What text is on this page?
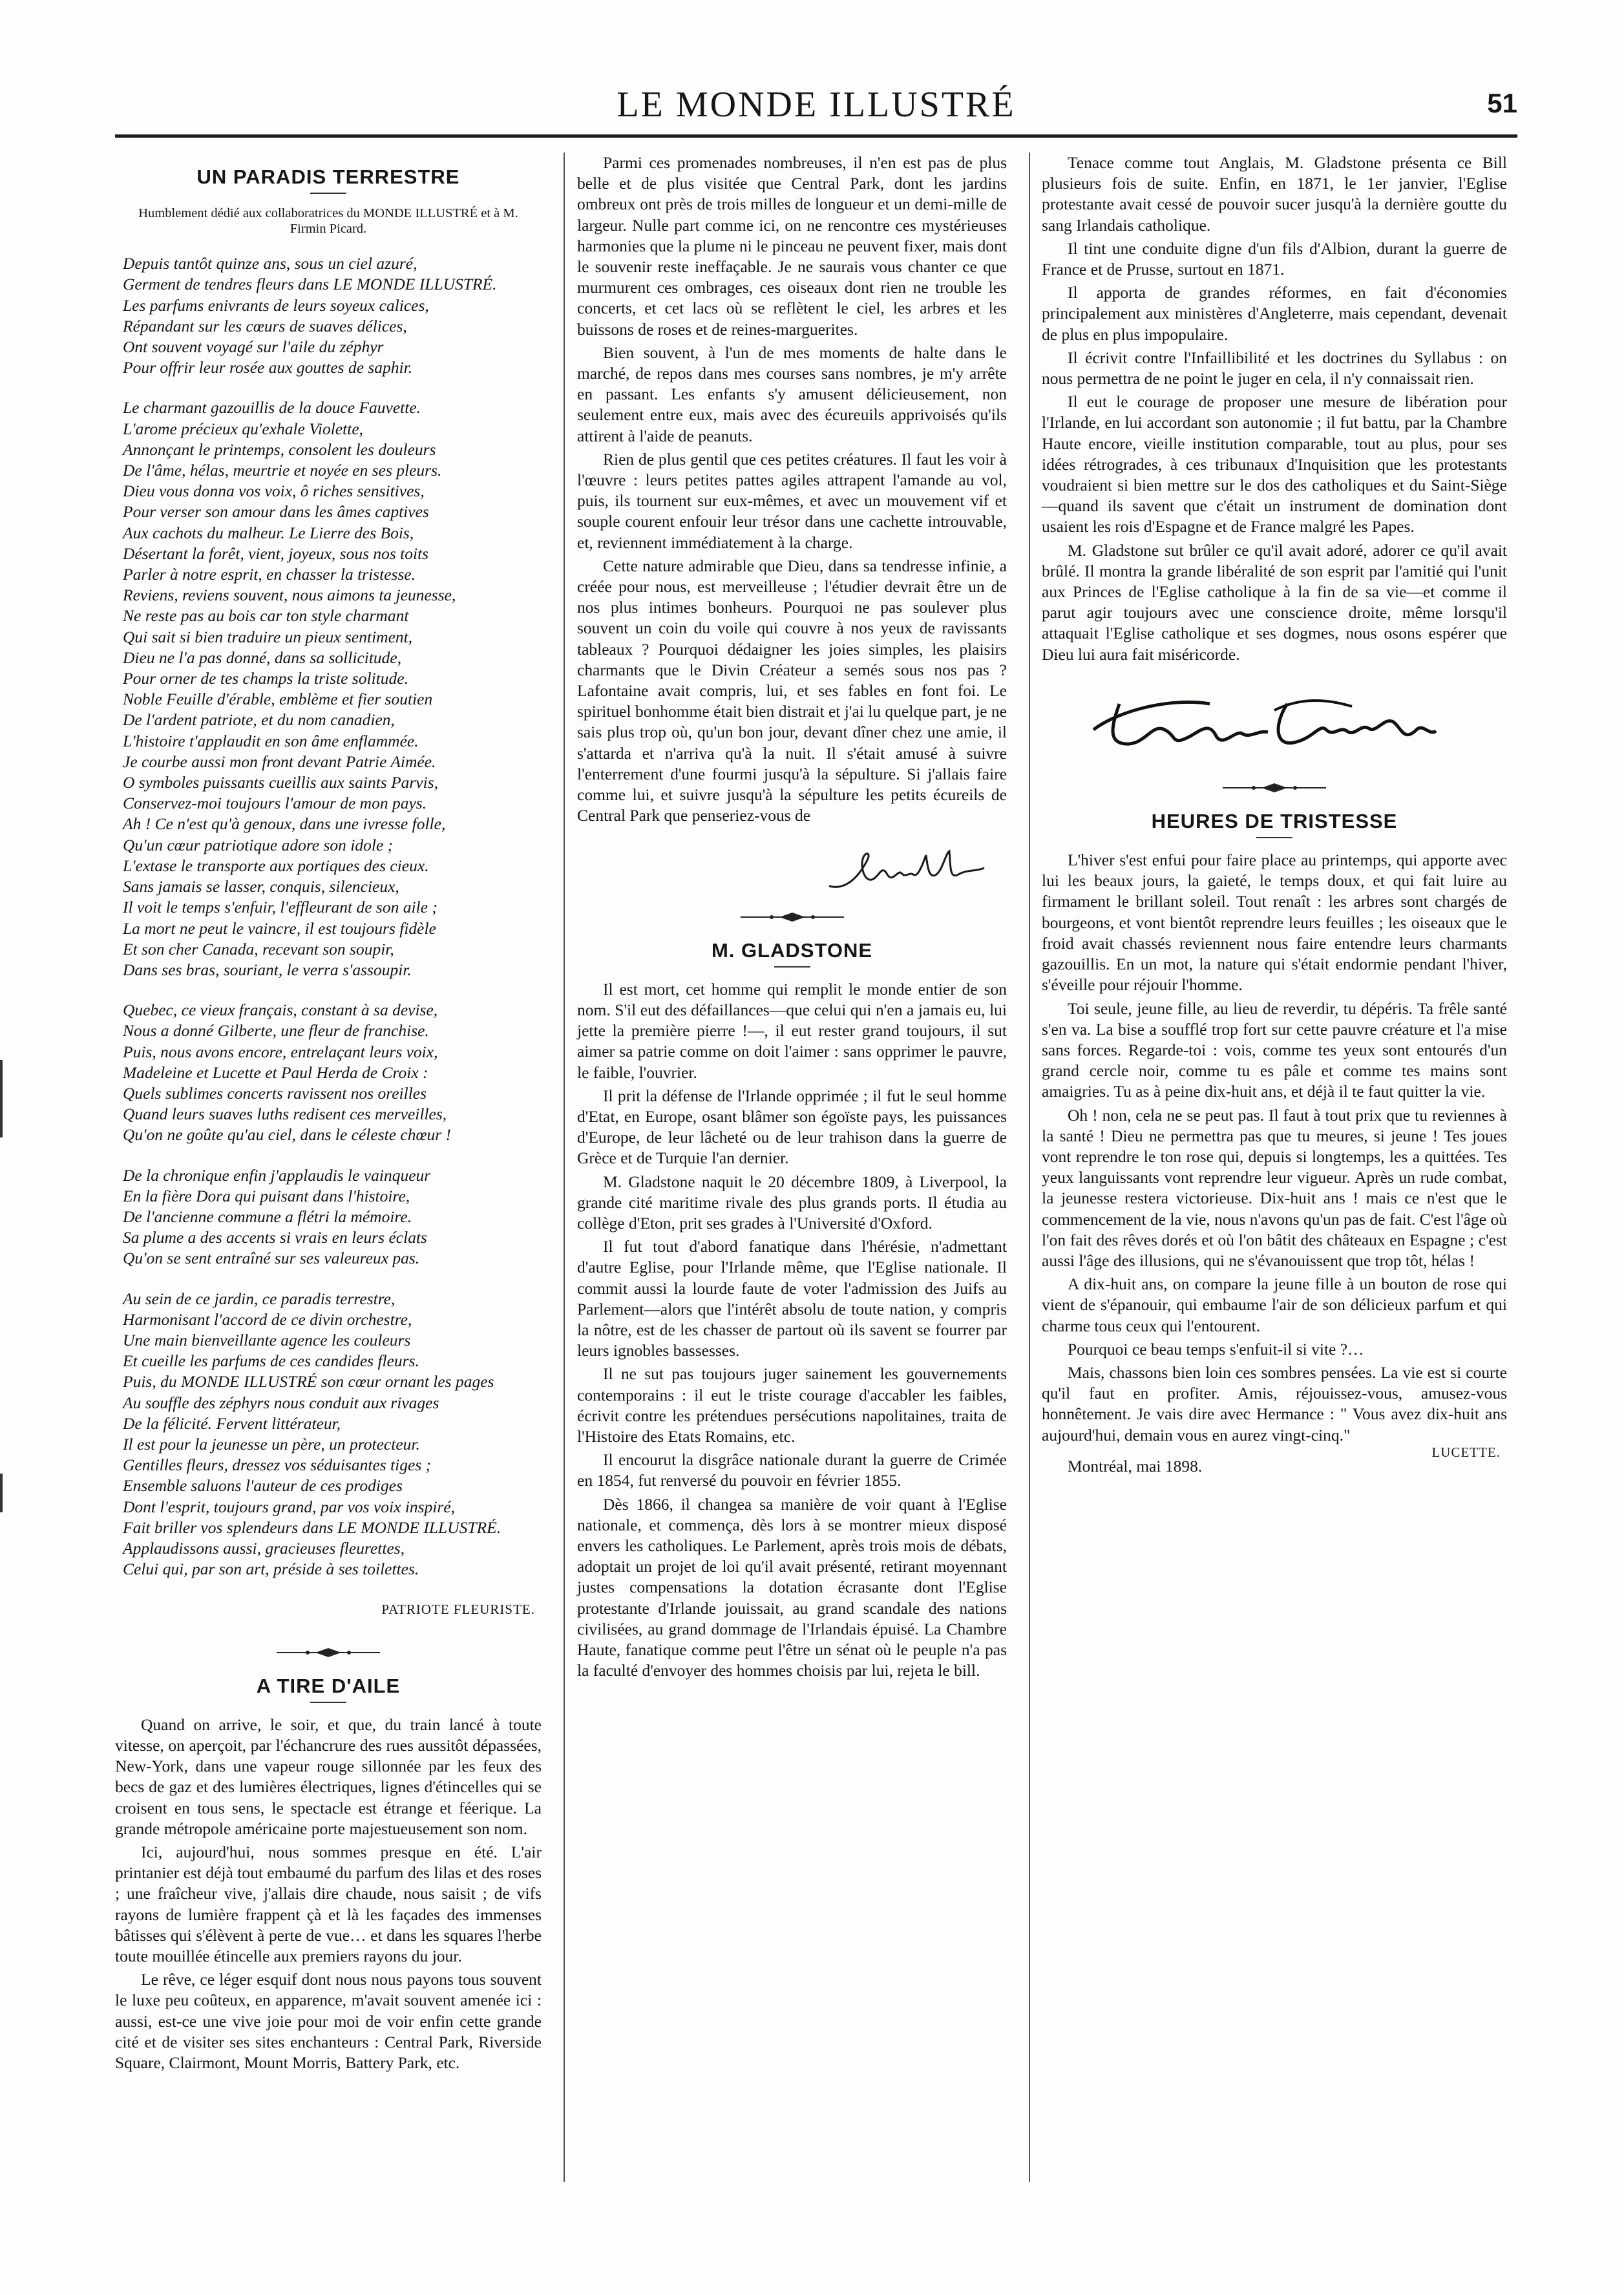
LE MONDE ILLUSTRÉ	51
UN PARADIS TERRESTRE
Humblement dédié aux collaboratrices du MONDE ILLUSTRÉ et à M. Firmin Picard.
Depuis tantôt quinze ans, sous un ciel azuré,
Germent de tendres fleurs dans LE MONDE ILLUSTRÉ.
Les parfums enivrants de leurs soyeux calices,
Répandant sur les cœurs de suaves délices,
Ont souvent voyagé sur l'aile du zéphyr
Pour offrir leur rosée aux gouttes de saphir.
Le charmant gazouillis de la douce Fauvette.
L'arome précieux qu'exhale Violette,
Annonçant le printemps, consolent les douleurs
De l'âme, hélas, meurtrie et noyée en ses pleurs.
Dieu vous donna vos voix, ô riches sensitives,
Pour verser son amour dans les âmes captives
Aux cachots du malheur. Le Lierre des Bois,
Désertant la forêt, vient, joyeux, sous nos toits
Parler à notre esprit, en chasser la tristesse.
Reviens, reviens souvent, nous aimons ta jeunesse,
Ne reste pas au bois car ton style charmant
Qui sait si bien traduire un pieux sentiment,
Dieu ne l'a pas donné, dans sa sollicitude,
Pour orner de tes champs la triste solitude.
Noble Feuille d'érable, emblème et fier soutien
De l'ardent patriote, et du nom canadien,
L'histoire t'applaudit en son âme enflammée.
Je courbe aussi mon front devant Patrie Aimée.
O symboles puissants cueillis aux saints Parvis,
Conservez-moi toujours l'amour de mon pays.
Ah ! Ce n'est qu'à genoux, dans une ivresse folle,
Qu'un cœur patriotique adore son idole ;
L'extase le transporte aux portiques des cieux.
Sans jamais se lasser, conquis, silencieux,
Il voit le temps s'enfuir, l'effleurant de son aile ;
La mort ne peut le vaincre, il est toujours fidèle
Et son cher Canada, recevant son soupir,
Dans ses bras, souriant, le verra s'assoupir.
Quebec, ce vieux français, constant à sa devise,
Nous a donné Gilberte, une fleur de franchise.
Puis, nous avons encore, entrelaçant leurs voix,
Madeleine et Lucette et Paul Herda de Croix :
Quels sublimes concerts ravissent nos oreilles
Quand leurs suaves luths redisent ces merveilles,
Qu'on ne goûte qu'au ciel, dans le céleste chœur !
De la chronique enfin j'applaudis le vainqueur
En la fière Dora qui puisant dans l'histoire,
De l'ancienne commune a flétri la mémoire.
Sa plume a des accents si vrais en leurs éclats
Qu'on se sent entraîné sur ses valeureux pas.
Au sein de ce jardin, ce paradis terrestre,
Harmonisant l'accord de ce divin orchestre,
Une main bienveillante agence les couleurs
Et cueille les parfums de ces candides fleurs.
Puis, du MONDE ILLUSTRÉ son cœur ornant les pages
Au souffle des zéphyrs nous conduit aux rivages
De la félicité. Fervent littérateur,
Il est pour la jeunesse un père, un protecteur.
Gentilles fleurs, dressez vos séduisantes tiges ;
Ensemble saluons l'auteur de ces prodiges
Dont l'esprit, toujours grand, par vos voix inspiré,
Fait briller vos splendeurs dans LE MONDE ILLUSTRÉ.
Applaudissons aussi, gracieuses fleurettes,
Celui qui, par son art, préside à ses toilettes.
PATRIOTE FLEURISTE.
A TIRE D'AILE

Quand on arrive, le soir, et que, du train lancé à toute vitesse, on aperçoit, par l'échancrure des rues aussitôt dépassées, New-York, dans une vapeur rouge sillonnée par les feux des becs de gaz et des lumières électriques, lignes d'étincelles qui se croisent en tous sens, le spectacle est étrange et féerique. La grande métropole américaine porte majestueusement son nom.

Ici, aujourd'hui, nous sommes presque en été. L'air printanier est déjà tout embaumé du parfum des lilas et des roses ; une fraîcheur vive, j'allais dire chaude, nous saisit ; de vifs rayons de lumière frappent çà et là les façades des immenses bâtisses qui s'élèvent à perte de vue… et dans les squares l'herbe toute mouillée étincelle aux premiers rayons du jour.

Le rêve, ce léger esquif dont nous nous payons tous souvent le luxe peu coûteux, en apparence, m'avait souvent amenée ici : aussi, est-ce une vive joie pour moi de voir enfin cette grande cité et de visiter ses sites enchanteurs : Central Park, Riverside Square, Clairmont, Mount Morris, Battery Park, etc.

Parmi ces promenades nombreuses, il n'en est pas de plus belle et de plus visitée que Central Park, dont les jardins ombreux ont près de trois milles de longueur et un demi-mille de largeur. Nulle part comme ici, on ne rencontre ces mystérieuses harmonies que la plume ni le pinceau ne peuvent fixer, mais dont le souvenir reste ineffaçable. Je ne saurais vous chanter ce que murmurent ces ombrages, ces oiseaux dont rien ne trouble les concerts, et cet lacs où se reflètent le ciel, les arbres et les buissons de roses et de reines-marguerites.

Bien souvent, à l'un de mes moments de halte dans le marché, de repos dans mes courses sans nombres, je m'y arrête en passant. Les enfants s'y amusent délicieusement, non seulement entre eux, mais avec des écureuils apprivoisés qu'ils attirent à l'aide de peanuts.

Rien de plus gentil que ces petites créatures. Il faut les voir à l'œuvre : leurs petites pattes agiles attrapent l'amande au vol, puis, ils tournent sur eux-mêmes, et avec un mouvement vif et souple courent enfouir leur trésor dans une cachette introuvable, et, reviennent immédiatement à la charge.

Cette nature admirable que Dieu, dans sa tendresse infinie, a créée pour nous, est merveilleuse ; l'étudier devrait être un de nos plus intimes bonheurs. Pourquoi ne pas soulever plus souvent un coin du voile qui couvre à nos yeux de ravissants tableaux ? Pourquoi dédaigner les joies simples, les plaisirs charmants que le Divin Créateur a semés sous nos pas ? Lafontaine avait compris, lui, et ses fables en font foi. Le spirituel bonhomme était bien distrait et j'ai lu quelque part, je ne sais plus trop où, qu'un bon jour, devant dîner chez une amie, il s'attarda et n'arriva qu'à la nuit. Il s'était amusé à suivre l'enterrement d'une fourmi jusqu'à la sépulture. Si j'allais faire comme lui, et suivre jusqu'à la sépulture les petits écureils de Central Park que penseriez-vous de

M. GLADSTONE

Il est mort, cet homme qui remplit le monde entier de son nom. S'il eut des défaillances—que celui qui n'en a jamais eu, lui jette la première pierre !—, il eut rester grand toujours, il sut aimer sa patrie comme on doit l'aimer : sans opprimer le pauvre, le faible, l'ouvrier.

Il prit la défense de l'Irlande opprimée ; il fut le seul homme d'Etat, en Europe, osant blâmer son égoïste pays, les puissances d'Europe, de leur lâcheté ou de leur trahison dans la guerre de Grèce et de Turquie l'an dernier.

M. Gladstone naquit le 20 décembre 1809, à Liverpool, la grande cité maritime rivale des plus grands ports. Il étudia au collège d'Eton, prit ses grades à l'Université d'Oxford.

Il fut tout d'abord fanatique dans l'hérésie, n'admettant d'autre Eglise, pour l'Irlande même, que l'Eglise nationale. Il commit aussi la lourde faute de voter l'admission des Juifs au Parlement—alors que l'intérêt absolu de toute nation, y compris la nôtre, est de les chasser de partout où ils savent se fourrer par leurs ignobles bassesses.

Il ne sut pas toujours juger sainement les gouvernements contemporains : il eut le triste courage d'accabler les faibles, écrivit contre les prétendues persécutions napolitaines, traita de l'Histoire des Etats Romains, etc.

Il encourut la disgrâce nationale durant la guerre de Crimée en 1854, fut renversé du pouvoir en février 1855.

Dès 1866, il changea sa manière de voir quant à l'Eglise nationale, et commença, dès lors à se montrer mieux disposé envers les catholiques. Le Parlement, après trois mois de débats, adoptait un projet de loi qu'il avait présenté, retirant moyennant justes compensations la dotation écrasante dont l'Eglise protestante d'Irlande jouissait, au grand scandale des nations civilisées, au grand dommage de l'Irlandais épuisé. La Chambre Haute, fanatique comme peut l'être un sénat où le peuple n'a pas la faculté d'envoyer des hommes choisis par lui, rejeta le bill.

Tenace comme tout Anglais, M. Gladstone présenta ce Bill plusieurs fois de suite. Enfin, en 1871, le 1er janvier, l'Eglise protestante avait cessé de pouvoir sucer jusqu'à la dernière goutte du sang Irlandais catholique.

Il tint une conduite digne d'un fils d'Albion, durant la guerre de France et de Prusse, surtout en 1871.

Il apporta de grandes réformes, en fait d'économies principalement aux ministères d'Angleterre, mais cependant, devenait de plus en plus impopulaire.

Il écrivit contre l'Infaillibilité et les doctrines du Syllabus : on nous permettra de ne point le juger en cela, il n'y connaissait rien.

Il eut le courage de proposer une mesure de libération pour l'Irlande, en lui accordant son autonomie ; il fut battu, par la Chambre Haute encore, vieille institution comparable, tout au plus, pour ses idées rétrogrades, à ces tribunaux d'Inquisition que les protestants voudraient si bien mettre sur le dos des catholiques et du Saint-Siège—quand ils savent que c'était un instrument de domination dont usaient les rois d'Espagne et de France malgré les Papes.

M. Gladstone sut brûler ce qu'il avait adoré, adorer ce qu'il avait brûlé. Il montra la grande libéralité de son esprit par l'amitié qui l'unit aux Princes de l'Eglise catholique à la fin de sa vie—et comme il parut agir toujours avec une conscience droite, même lorsqu'il attaquait l'Eglise catholique et ses dogmes, nous osons espérer que Dieu lui aura fait miséricorde.

HEURES DE TRISTESSE

L'hiver s'est enfui pour faire place au printemps, qui apporte avec lui les beaux jours, la gaieté, le temps doux, et qui fait luire au firmament le brillant soleil. Tout renaît : les arbres sont chargés de bourgeons, et vont bientôt reprendre leurs feuilles ; les oiseaux que le froid avait chassés reviennent nous faire entendre leurs charmants gazouillis. En un mot, la nature qui s'était endormie pendant l'hiver, s'éveille pour réjouir l'homme.

Toi seule, jeune fille, au lieu de reverdir, tu dépéris. Ta frêle santé s'en va. La bise a soufflé trop fort sur cette pauvre créature et l'a mise sans forces. Regarde-toi : vois, comme tes yeux sont entourés d'un grand cercle noir, comme tu es pâle et comme tes mains sont amaigries. Tu as à peine dix-huit ans, et déjà il te faut quitter la vie.

Oh ! non, cela ne se peut pas. Il faut à tout prix que tu reviennes à la santé ! Dieu ne permettra pas que tu meures, si jeune ! Tes joues vont reprendre le ton rose qui, depuis si longtemps, les a quittées. Tes yeux languissants vont reprendre leur vigueur. Après un rude combat, la jeunesse restera victorieuse. Dix-huit ans ! mais ce n'est que le commencement de la vie, nous n'avons qu'un pas de fait. C'est l'âge où l'on fait des rêves dorés et où l'on bâtit des châteaux en Espagne ; c'est aussi l'âge des illusions, qui ne s'évanouissent que trop tôt, hélas !

A dix-huit ans, on compare la jeune fille à un bouton de rose qui vient de s'épanouir, qui embaume l'air de son délicieux parfum et qui charme tous ceux qui l'entourent.

Pourquoi ce beau temps s'enfuit-il si vite ?…

Mais, chassons bien loin ces sombres pensées. La vie est si courte qu'il faut en profiter. Amis, réjouissez-vous, amusez-vous honnêtement. Je vais dire avec Hermance : " Vous avez dix-huit ans aujourd'hui, demain vous en aurez vingt-cinq."

LUCETTE.
Montréal, mai 1898.
